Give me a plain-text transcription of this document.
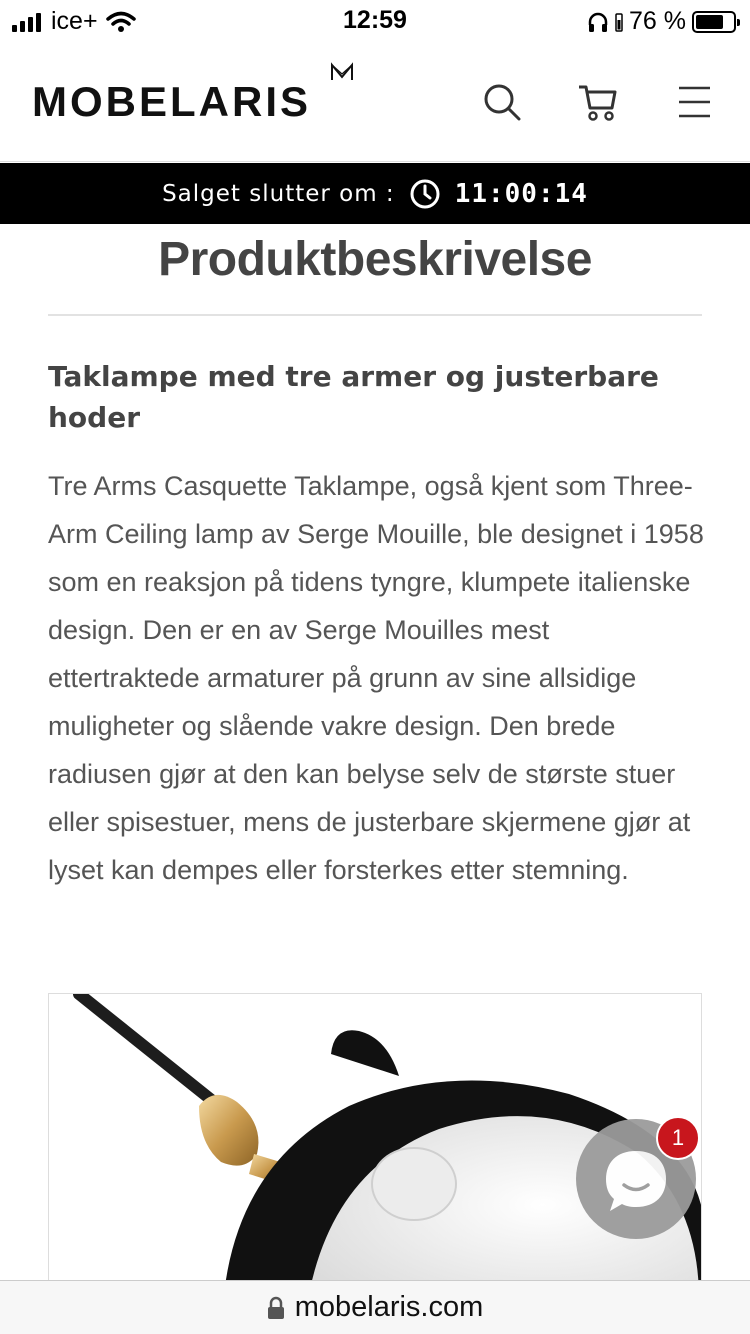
ice+	12:59	76 %
MOBELARIS
Salget slutter om : 11:00:14
Produktbeskrivelse
Taklampe med tre armer og justerbare hoder

Tre Arms Casquette Taklampe, også kjent som Three-Arm Ceiling lamp av Serge Mouille, ble designet i 1958 som en reaksjon på tidens tyngre, klumpete italienske design. Den er en av Serge Mouilles mest ettertraktede armaturer på grunn av sine allsidige muligheter og slående vakre design. Den brede radiusen gjør at den kan belyse selv de største stuer eller spisestuer, mens de justerbare skjermene gjør at lyset kan dempes eller forsterkes etter stemning.

1
mobelaris.com
